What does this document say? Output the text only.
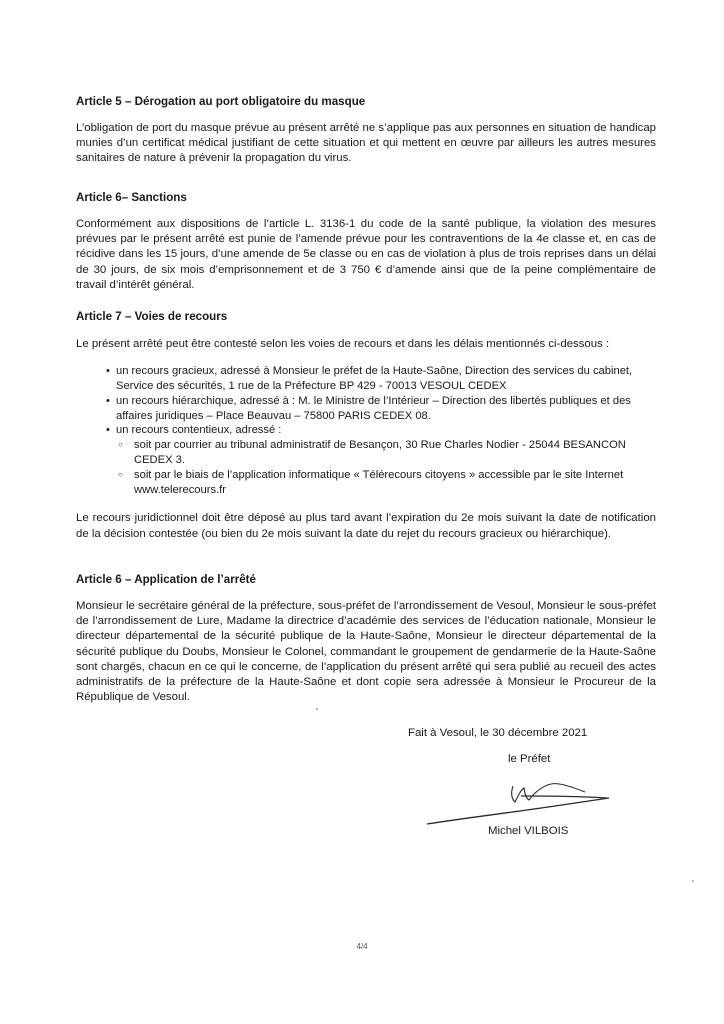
Article 5 – Dérogation au port obligatoire du masque

L’obligation de port du masque prévue au présent arrêté ne s’applique pas aux personnes en situation de handicap munies d’un certificat médical justifiant de cette situation et qui mettent en œuvre par ailleurs les autres mesures sanitaires de nature à prévenir la propagation du virus.

Article 6– Sanctions

Conformément aux dispositions de l’article L. 3136-1 du code de la santé publique, la violation des mesures prévues par le présent arrêté est punie de l’amende prévue pour les contraventions de la 4e classe et, en cas de récidive dans les 15 jours, d’une amende de 5e classe ou en cas de violation à plus de trois reprises dans un délai de 30 jours, de six mois d’emprisonnement et de 3 750 € d’amende ainsi que de la peine complémentaire de travail d’intérêt général.

Article 7 – Voies de recours

Le présent arrêté peut être contesté selon les voies de recours et dans les délais mentionnés ci-dessous :

• un recours gracieux, adressé à Monsieur le préfet de la Haute-Saône, Direction des services du cabinet, Service des sécurités, 1 rue de la Préfecture BP 429 - 70013 VESOUL CEDEX
• un recours hiérarchique, adressé à : M. le Ministre de l’Intérieur – Direction des libertés publiques et des affaires juridiques – Place Beauvau – 75800 PARIS CEDEX 08.
• un recours contentieux, adressé :
○ soit par courrier au tribunal administratif de Besançon, 30 Rue Charles Nodier - 25044 BESANCON CEDEX 3.
○ soit par le biais de l’application informatique « Télérecours citoyens » accessible par le site Internet www.telerecours.fr

Le recours juridictionnel doit être déposé au plus tard avant l’expiration du 2e mois suivant la date de notification de la décision contestée (ou bien du 2e mois suivant la date du rejet du recours gracieux ou hiérarchique).

Article 6 – Application de l’arrêté

Monsieur le secrétaire général de la préfecture, sous-préfet de l’arrondissement de Vesoul, Monsieur le sous-préfet de l’arrondissement de Lure, Madame la directrice d’académie des services de l’éducation nationale, Monsieur le directeur départemental de la sécurité publique de la Haute-Saône, Monsieur le directeur départemental de la sécurité publique du Doubs, Monsieur le Colonel, commandant le groupement de gendarmerie de la Haute-Saône sont chargés, chacun en ce qui le concerne, de l’application du présent arrêté qui sera publié au recueil des actes administratifs de la préfecture de la Haute-Saône et dont copie sera adressée à Monsieur le Procureur de la République de Vesoul.

Fait à Vesoul, le 30 décembre 2021
le Préfet
Michel VILBOIS
4/4
